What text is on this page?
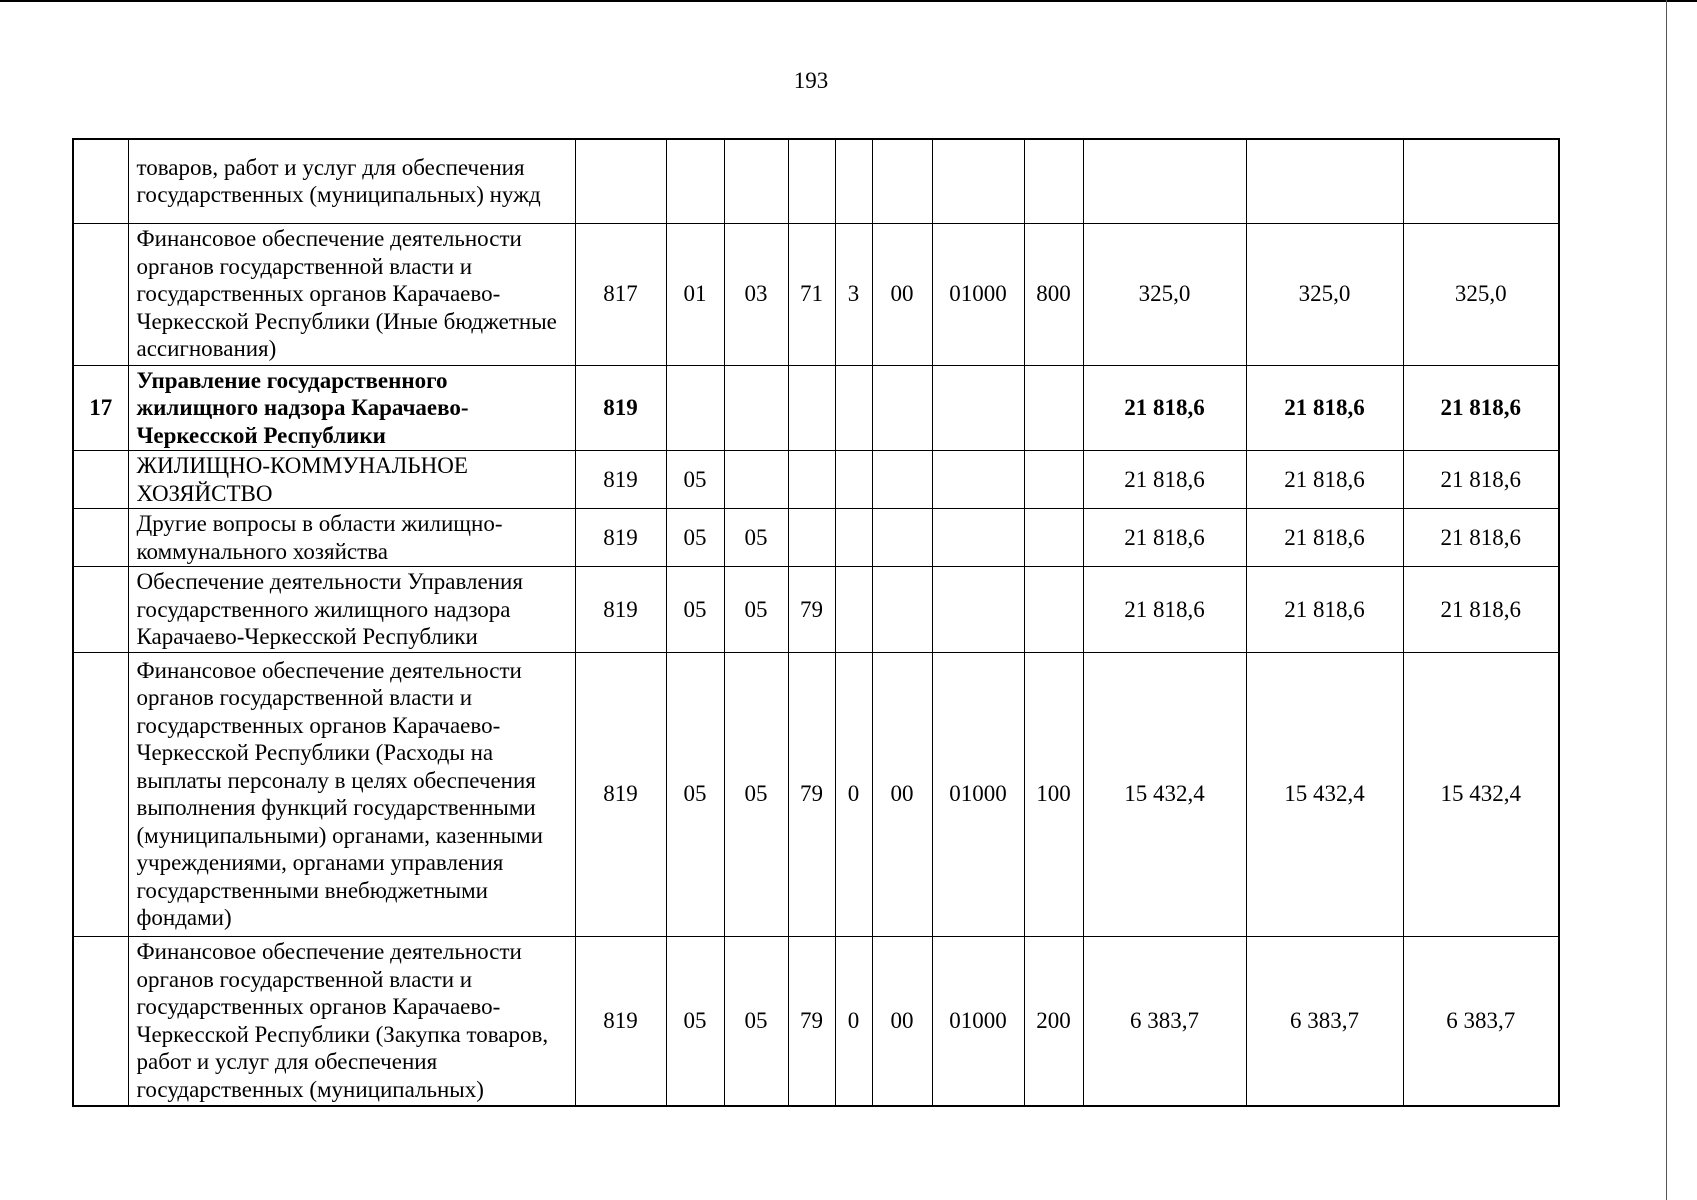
193
	товаров, работ и услуг для обеспечения государственных (муниципальных) нужд											
	Финансовое обеспечение деятельности органов государственной власти и государственных органов Карачаево-Черкесской Республики (Иные бюджетные ассигнования)	817	01	03	71	3	00	01000	800	325,0	325,0	325,0
17	Управление государственного жилищного надзора Карачаево-Черкесской Республики	819								21 818,6	21 818,6	21 818,6
	ЖИЛИЩНО-КОММУНАЛЬНОЕ ХОЗЯЙСТВО	819	05							21 818,6	21 818,6	21 818,6
	Другие вопросы в области жилищно-коммунального хозяйства	819	05	05						21 818,6	21 818,6	21 818,6
	Обеспечение деятельности Управления государственного жилищного надзора Карачаево-Черкесской Республики	819	05	05	79					21 818,6	21 818,6	21 818,6
	Финансовое обеспечение деятельности органов государственной власти и государственных органов Карачаево-Черкесской Республики (Расходы на выплаты персоналу в целях обеспечения выполнения функций государственными (муниципальными) органами, казенными учреждениями, органами управления государственными внебюджетными фондами)	819	05	05	79	0	00	01000	100	15 432,4	15 432,4	15 432,4
	Финансовое обеспечение деятельности органов государственной власти и государственных органов Карачаево-Черкесской Республики (Закупка товаров, работ и услуг для обеспечения государственных (муниципальных)	819	05	05	79	0	00	01000	200	6 383,7	6 383,7	6 383,7
